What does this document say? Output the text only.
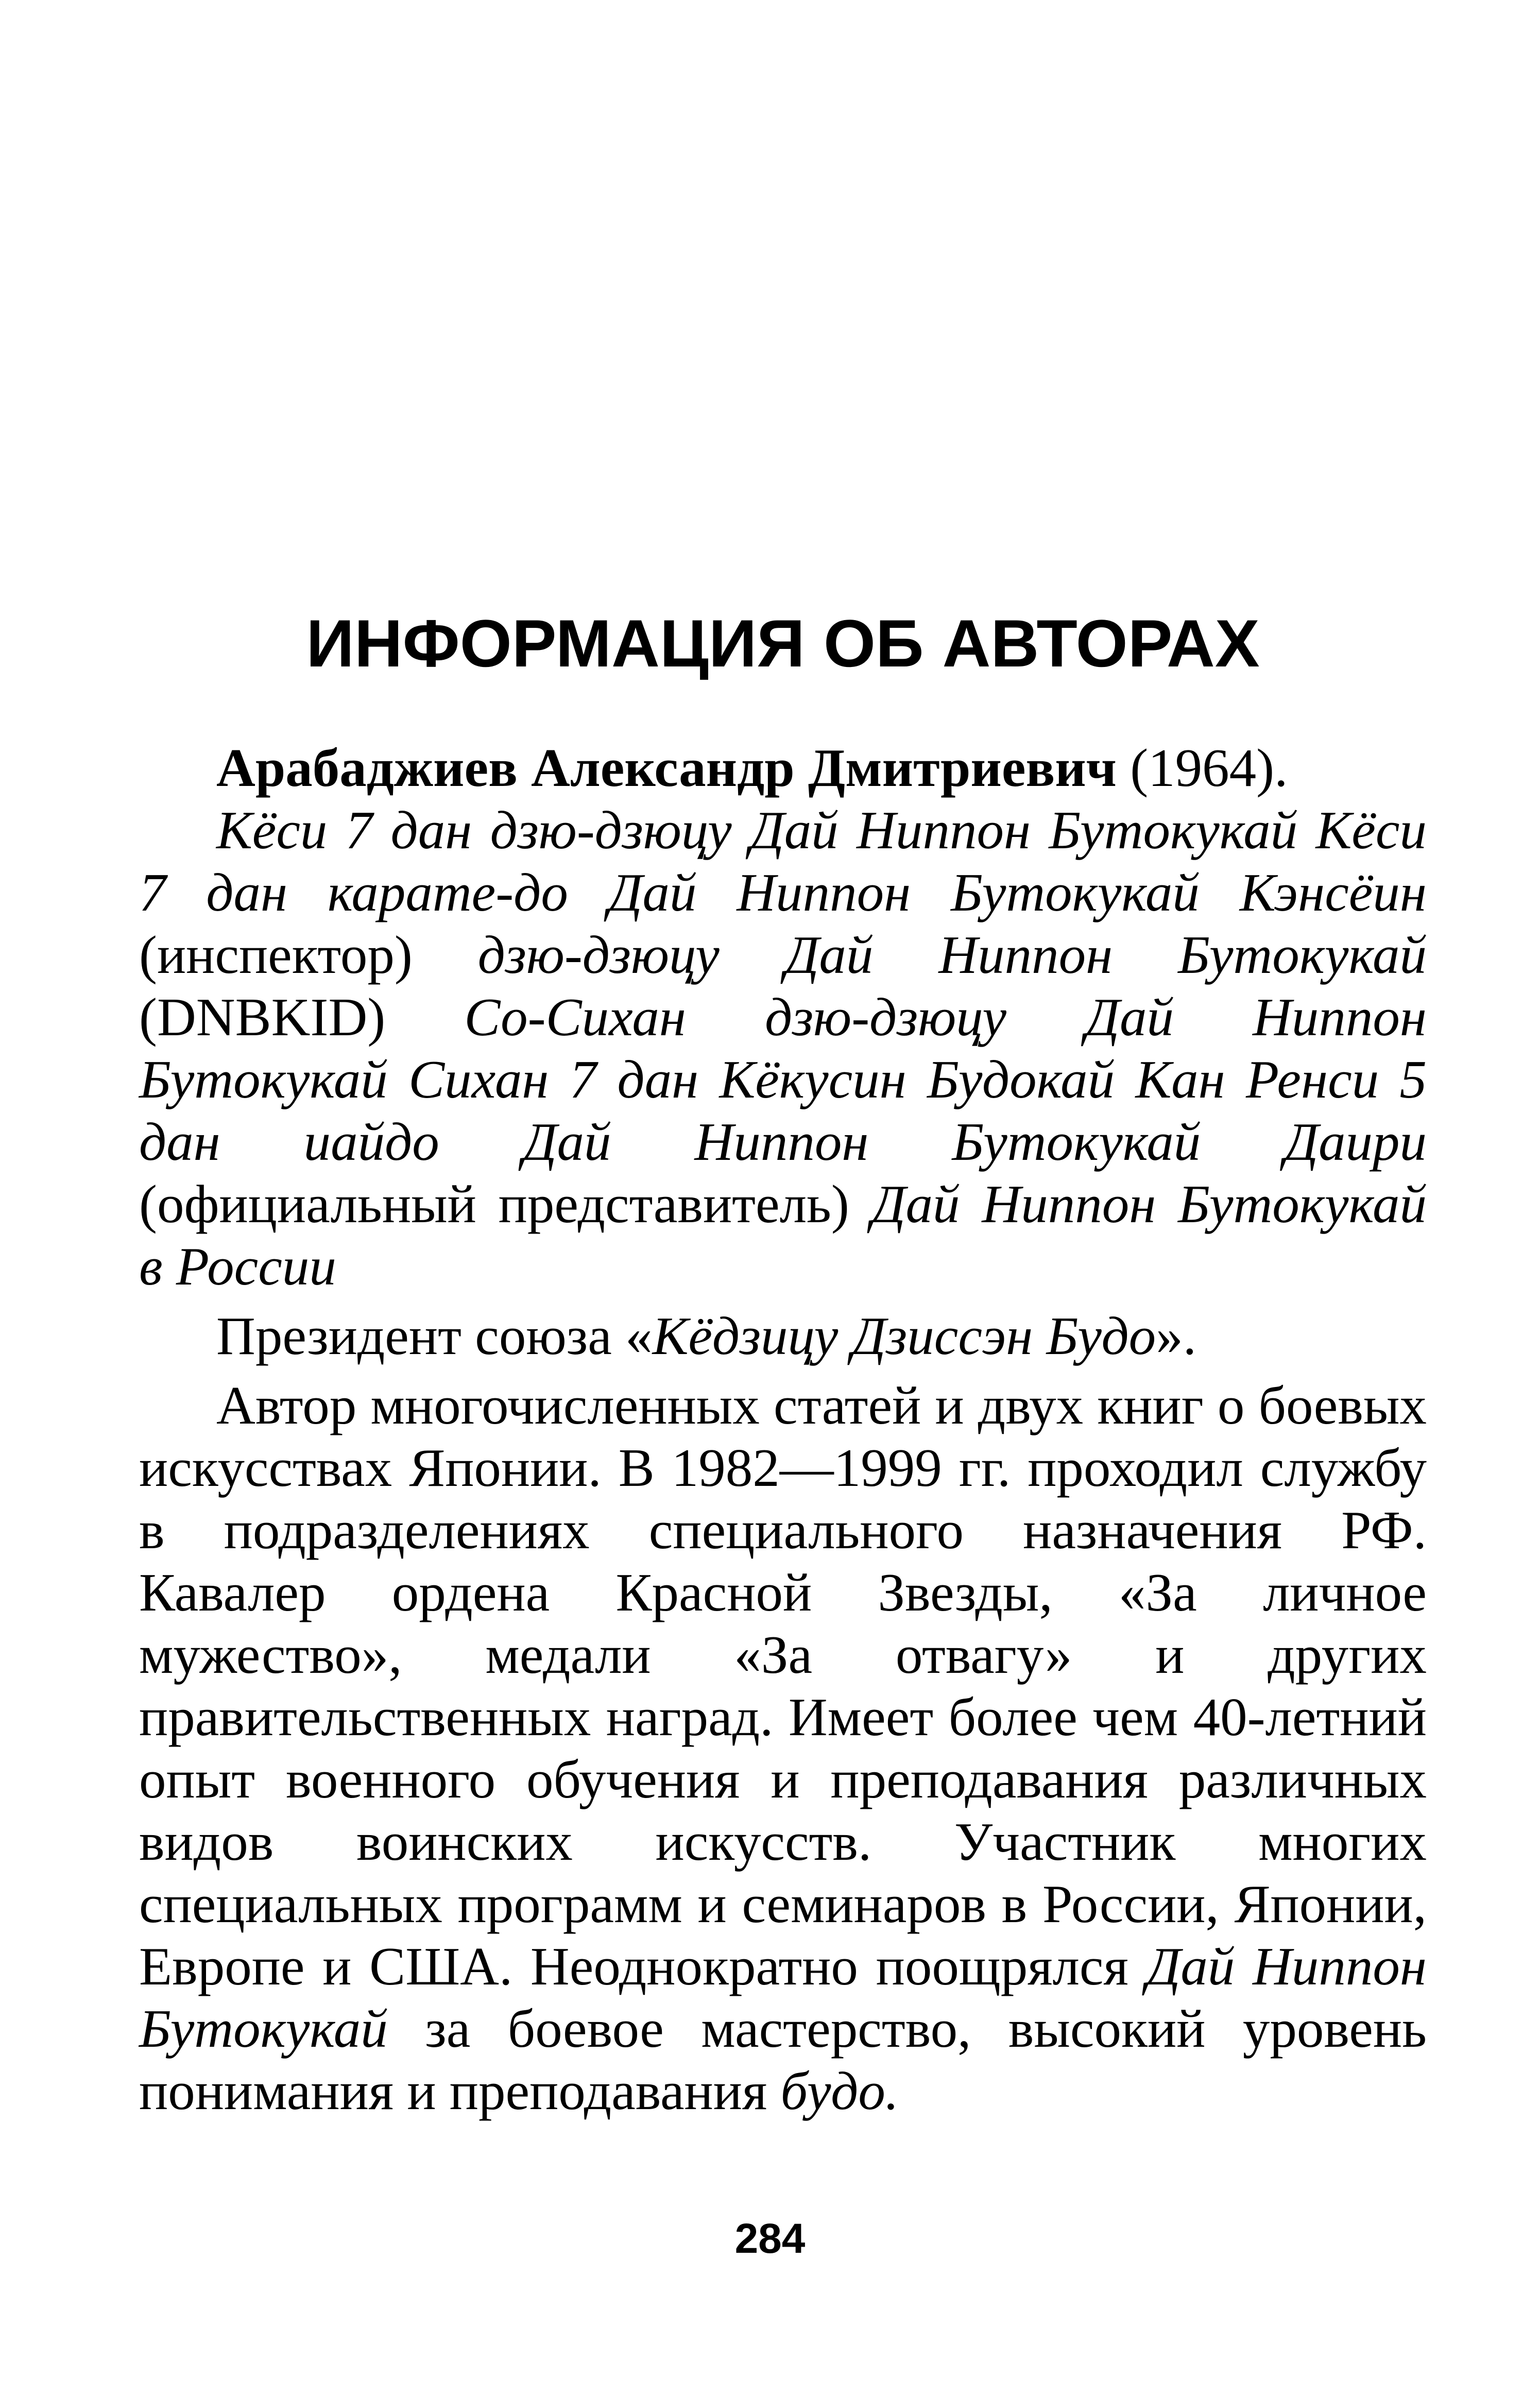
ИНФОРМАЦИЯ ОБ АВТОРАХ

Арабаджиев Александр Дмитриевич (1964).

Кёси 7 дан дзю-дзюцу Дай Ниппон Бутокукай Кёси 7 дан карате-до Дай Ниппон Бутокукай Кэнсёин (инспектор) дзю-дзюцу Дай Ниппон Бутокукай (DNBKID) Со-Сихан дзю-дзюцу Дай Ниппон Бутокукай Сихан 7 дан Кёкусин Будокай Кан Ренси 5 дан иайдо Дай Ниппон Бутокукай Даири (официальный представитель) Дай Ниппон Бутокукай в России

Президент союза «Кёдзицу Дзиссэн Будо».

Автор многочисленных статей и двух книг о боевых искусствах Японии. В 1982—1999 гг. проходил службу в подразделениях специального назначения РФ. Кавалер ордена Красной Звезды, «За личное мужество», медали «За отвагу» и других правительственных наград. Имеет более чем 40-летний опыт военного обучения и преподавания различных видов воинских искусств. Участник многих специальных программ и семинаров в России, Японии, Европе и США. Неоднократно поощрялся Дай Ниппон Бутокукай за боевое мастерство, высокий уровень понимания и преподавания будо.

284
